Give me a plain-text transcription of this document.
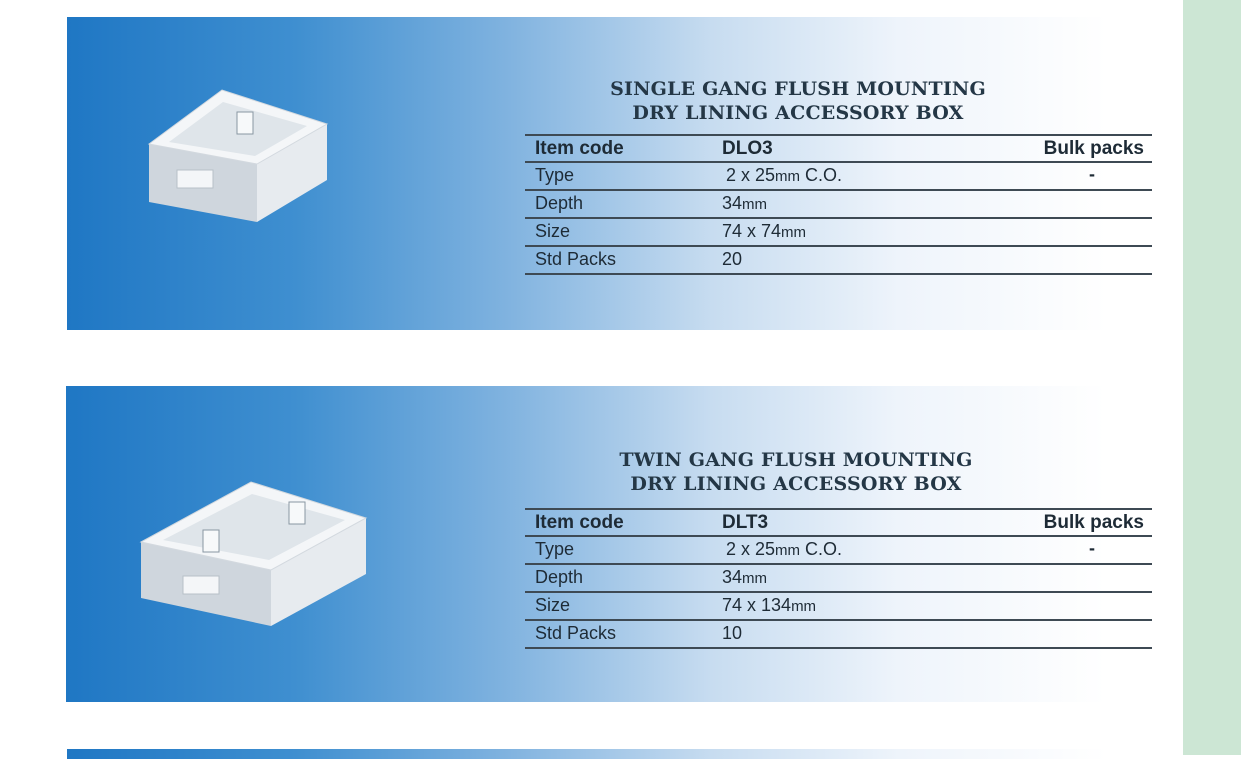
SINGLE GANG FLUSH MOUNTING
DRY LINING ACCESSORY BOX
Item code	DLO3	Bulk packs
Type	2 x 25mm C.O.	-
Depth	34mm
Size	74 x 74mm
Std Packs	20
TWIN GANG FLUSH MOUNTING
DRY LINING ACCESSORY BOX
Item code	DLT3	Bulk packs
Type	2 x 25mm C.O.	-
Depth	34mm
Size	74 x 134mm
Std Packs	10
